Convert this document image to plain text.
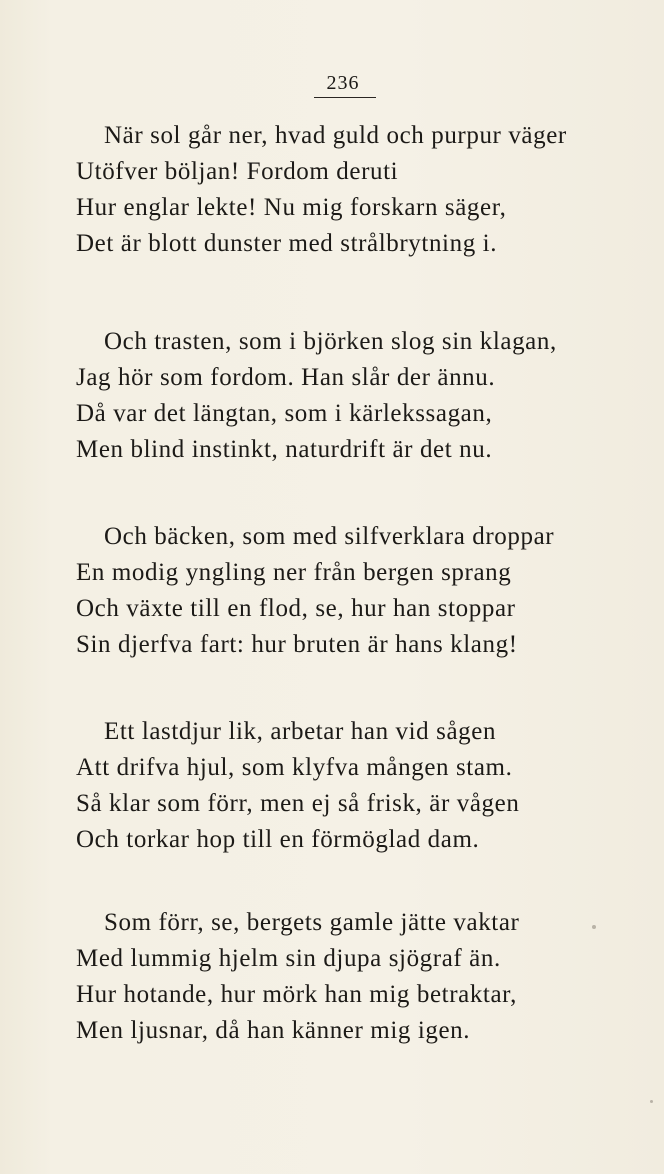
236
När sol går ner, hvad guld och purpur väger
Utöfver böljan! Fordom deruti
Hur englar lekte! Nu mig forskarn säger,
Det är blott dunster med strålbrytning i.
Och trasten, som i björken slog sin klagan,
Jag hör som fordom. Han slår der ännu.
Då var det längtan, som i kärlekssagan,
Men blind instinkt, naturdrift är det nu.
Och bäcken, som med silfverklara droppar
En modig yngling ner från bergen sprang
Och växte till en flod, se, hur han stoppar
Sin djerfva fart: hur bruten är hans klang!
Ett lastdjur lik, arbetar han vid sågen
Att drifva hjul, som klyfva mången stam.
Så klar som förr, men ej så frisk, är vågen
Och torkar hop till en förmöglad dam.
Som förr, se, bergets gamle jätte vaktar
Med lummig hjelm sin djupa sjögraf än.
Hur hotande, hur mörk han mig betraktar,
Men ljusnar, då han känner mig igen.
